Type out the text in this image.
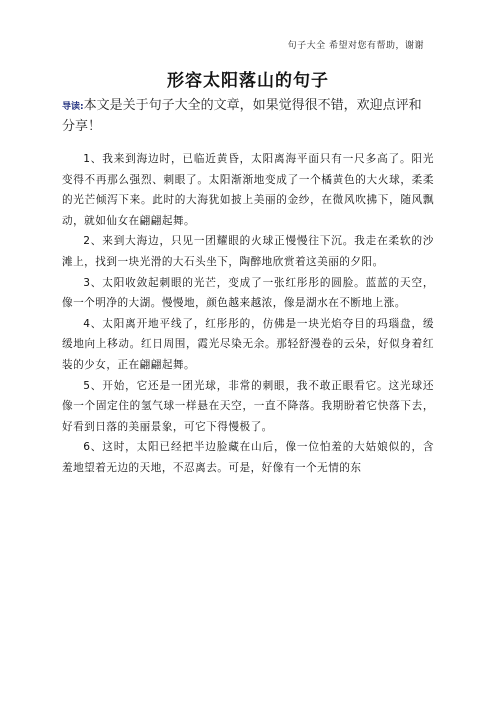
句子大全 希望对您有帮助，谢谢
形容太阳落山的句子
导读:本文是关于句子大全的文章，如果觉得很不错，欢迎点评和分享！

1、我来到海边时，已临近黄昏，太阳离海平面只有一尺多高了。阳光变得不再那么强烈、刺眼了。太阳渐渐地变成了一个橘黄色的大火球，柔柔的光芒倾泻下来。此时的大海犹如披上美丽的金纱，在微风吹拂下，随风飘动，就如仙女在翩翩起舞。

2、来到大海边，只见一团耀眼的火球正慢慢往下沉。我走在柔软的沙滩上，找到一块光滑的大石头坐下，陶醉地欣赏着这美丽的夕阳。

3、太阳收敛起刺眼的光芒，变成了一张红彤彤的圆脸。蓝蓝的天空，像一个明净的大湖。慢慢地，颜色越来越浓，像是湖水在不断地上涨。

4、太阳离开地平线了，红彤彤的，仿佛是一块光焰夺目的玛瑙盘，缓缓地向上移动。红日周围，霞光尽染无余。那轻舒漫卷的云朵，好似身着红装的少女，正在翩翩起舞。

5、开始，它还是一团光球，非常的刺眼，我不敢正眼看它。这光球还像一个固定住的氢气球一样悬在天空，一直不降落。我期盼着它快落下去，好看到日落的美丽景象，可它下得慢极了。

6、这时，太阳已经把半边脸藏在山后，像一位怕羞的大姑娘似的，含羞地望着无边的天地，不忍离去。可是，好像有一个无情的东
